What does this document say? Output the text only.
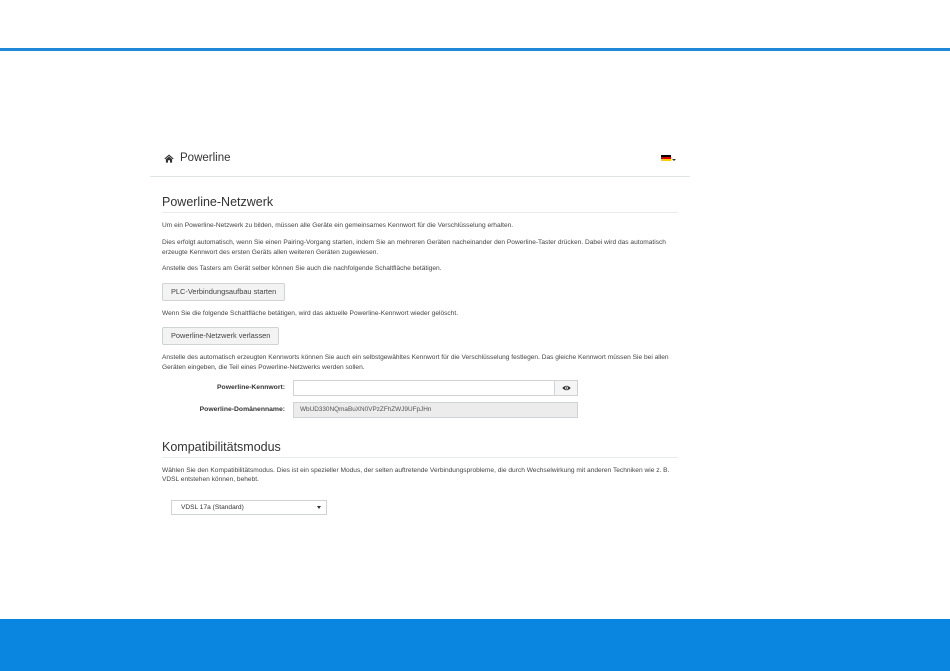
Powerline
Powerline-Netzwerk

Um ein Powerline-Netzwerk zu bilden, müssen alle Geräte ein gemeinsames Kennwort für die Verschlüsselung erhalten.

Dies erfolgt automatisch, wenn Sie einen Pairing-Vorgang starten, indem Sie an mehreren Geräten nacheinander den Powerline-Taster drücken. Dabei wird das automatisch erzeugte Kennwort des ersten Geräts allen weiteren Geräten zugewiesen.

Anstelle des Tasters am Gerät selber können Sie auch die nachfolgende Schaltfläche betätigen.

PLC-Verbindungsaufbau starten

Wenn Sie die folgende Schaltfläche betätigen, wird das aktuelle Powerline-Kennwort wieder gelöscht.

Powerline-Netzwerk verlassen

Anstelle des automatisch erzeugten Kennworts können Sie auch ein selbstgewähltes Kennwort für die Verschlüsselung festlegen. Das gleiche Kennwort müssen Sie bei allen Geräten eingeben, die Teil eines Powerline-Netzwerks werden sollen.

Powerline-Kennwort:
Powerline-Domänenname:	WbUD330NQmaBuXN0VPzZFhZWJ9UFpJHn
Kompatibilitätsmodus

Wählen Sie den Kompatibilitätsmodus. Dies ist ein spezieller Modus, der selten auftretende Verbindungsprobleme, die durch Wechselwirkung mit anderen Techniken wie z. B. VDSL entstehen können, behebt.

VDSL 17a (Standard)
